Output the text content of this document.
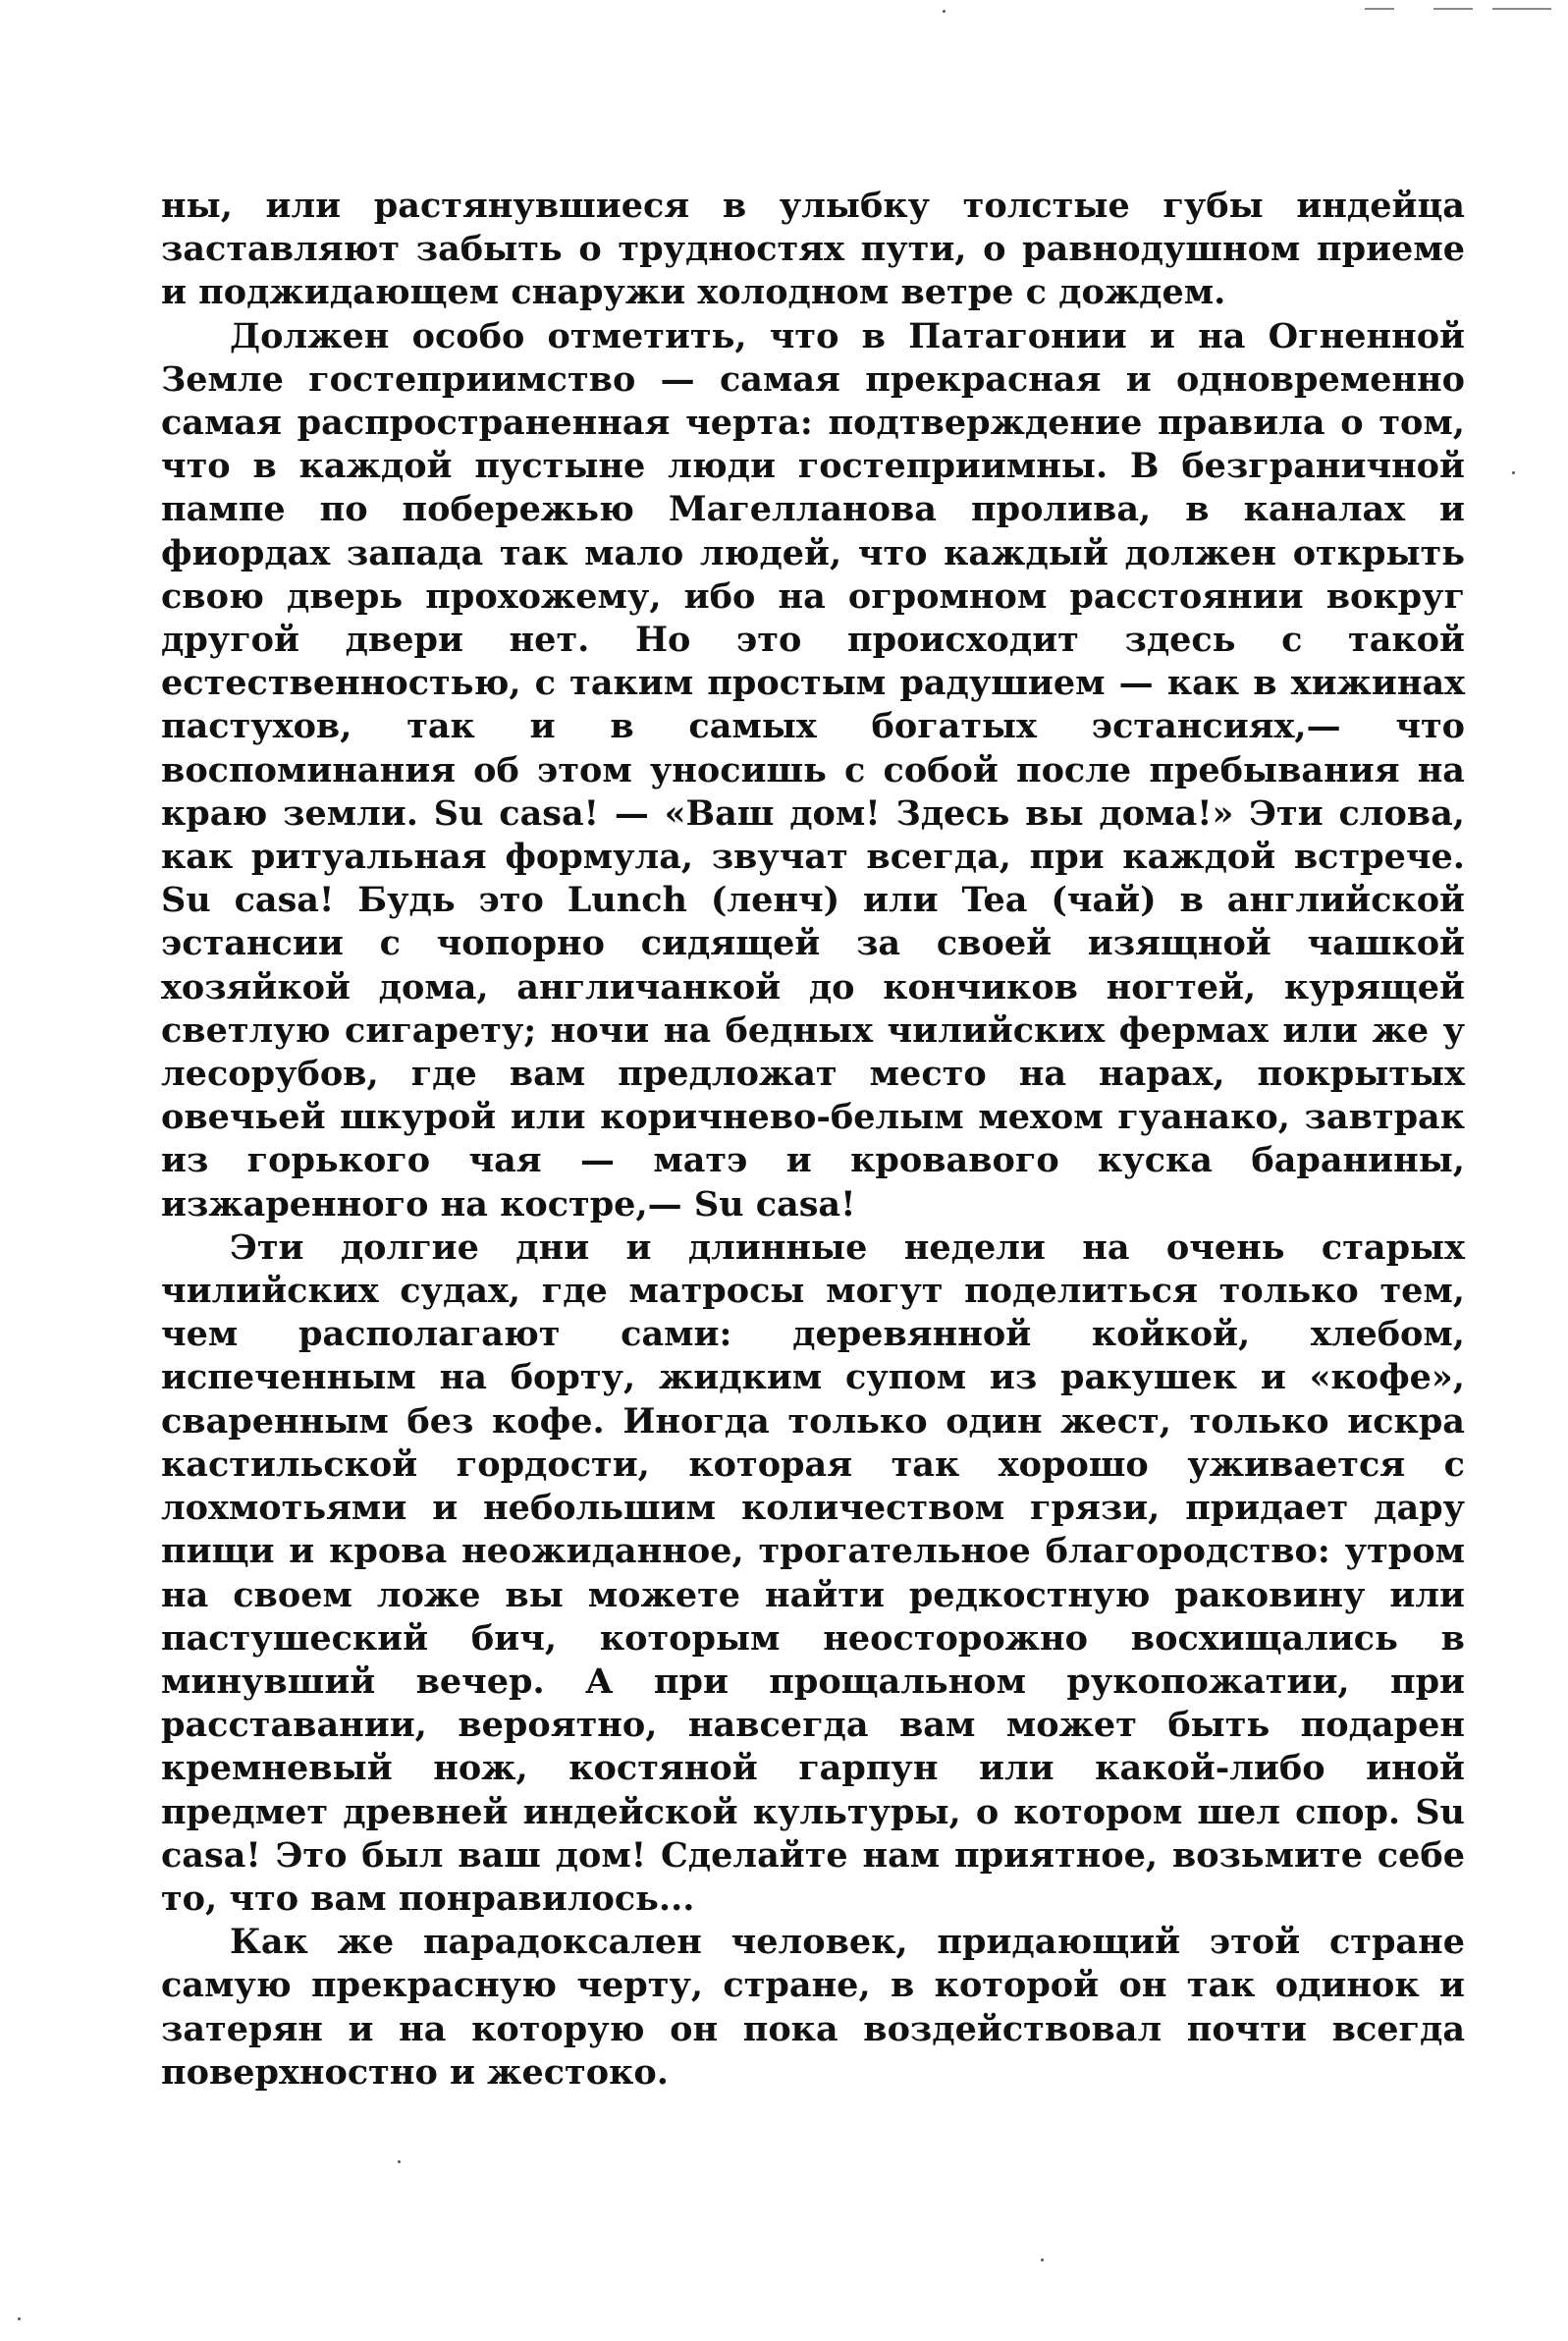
ны, или растянувшиеся в улыбку толстые губы индейца заставляют забыть о трудностях пути, о равнодушном приеме и поджидающем снаружи холодном ветре с дождем.

Должен особо отметить, что в Патагонии и на Огненной Земле гостеприимство — самая прекрасная и одновременно самая распространенная черта: подтверждение правила о том, что в каждой пустыне люди гостеприимны. В безграничной пампе по побережью Магелланова пролива, в каналах и фиордах запада так мало людей, что каждый должен открыть свою дверь прохожему, ибо на огромном расстоянии вокруг другой двери нет. Но это происходит здесь с такой естественностью, с таким простым радушием — как в хижинах пастухов, так и в самых богатых эстансиях,— что воспоминания об этом уносишь с собой после пребывания на краю земли. Su casa! — «Ваш дом! Здесь вы дома!» Эти слова, как ритуальная формула, звучат всегда, при каждой встрече. Su casa! Будь это Lunch (ленч) или Tea (чай) в английской эстансии с чопорно сидящей за своей изящной чашкой хозяйкой дома, англичанкой до кончиков ногтей, курящей светлую сигарету; ночи на бедных чилийских фермах или же у лесорубов, где вам предложат место на нарах, покрытых овечьей шкурой или коричнево-белым мехом гуанако, завтрак из горького чая — матэ и кровавого куска баранины, изжаренного на костре,— Su casa!

Эти долгие дни и длинные недели на очень старых чилийских судах, где матросы могут поделиться только тем, чем располагают сами: деревянной койкой, хлебом, испеченным на борту, жидким супом из ракушек и «кофе», сваренным без кофе. Иногда только один жест, только искра кастильской гордости, которая так хорошо уживается с лохмотьями и небольшим количеством грязи, придает дару пищи и крова неожиданное, трогательное благородство: утром на своем ложе вы можете найти редкостную раковину или пастушеский бич, которым неосторожно восхищались в минувший вечер. А при прощальном рукопожатии, при расставании, вероятно, навсегда вам может быть подарен кремневый нож, костяной гарпун или какой-либо иной предмет древней индейской культуры, о котором шел спор. Su casa! Это был ваш дом! Сделайте нам приятное, возьмите себе то, что вам понравилось...

Как же парадоксален человек, придающий этой стране самую прекрасную черту, стране, в которой он так одинок и затерян и на которую он пока воздействовал почти всегда поверхностно и жестоко.
